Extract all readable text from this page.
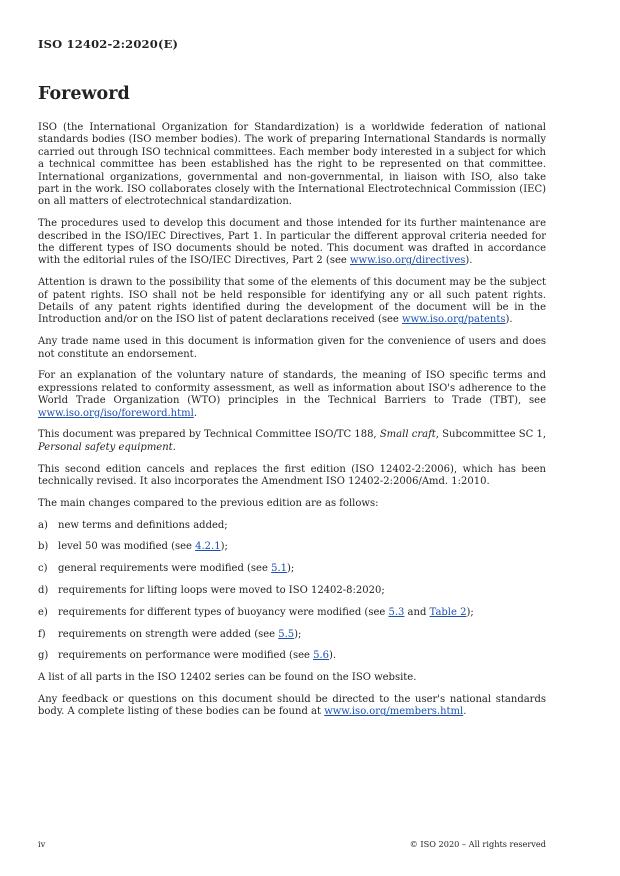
ISO 12402-2:2020(E)
Foreword

ISO (the International Organization for Standardization) is a worldwide federation of national standards bodies (ISO member bodies). The work of preparing International Standards is normally carried out through ISO technical committees. Each member body interested in a subject for which a technical committee has been established has the right to be represented on that committee. International organizations, governmental and non-governmental, in liaison with ISO, also take part in the work. ISO collaborates closely with the International Electrotechnical Commission (IEC) on all matters of electrotechnical standardization.

The procedures used to develop this document and those intended for its further maintenance are described in the ISO/IEC Directives, Part 1. In particular the different approval criteria needed for the different types of ISO documents should be noted. This document was drafted in accordance with the editorial rules of the ISO/IEC Directives, Part 2 (see www.iso.org/directives).

Attention is drawn to the possibility that some of the elements of this document may be the subject of patent rights. ISO shall not be held responsible for identifying any or all such patent rights. Details of any patent rights identified during the development of the document will be in the Introduction and/or on the ISO list of patent declarations received (see www.iso.org/patents).

Any trade name used in this document is information given for the convenience of users and does not constitute an endorsement.

For an explanation of the voluntary nature of standards, the meaning of ISO specific terms and expressions related to conformity assessment, as well as information about ISO's adherence to the World Trade Organization (WTO) principles in the Technical Barriers to Trade (TBT), see www.iso.org/iso/foreword.html.

This document was prepared by Technical Committee ISO/TC 188, Small craft, Subcommittee SC 1, Personal safety equipment.

This second edition cancels and replaces the first edition (ISO 12402-2:2006), which has been technically revised. It also incorporates the Amendment ISO 12402-2:2006/Amd. 1:2010.

The main changes compared to the previous edition are as follows:

a)	new terms and definitions added;
b) level 50 was modified (see 4.2.1);
c)	general requirements were modified (see 5.1);
d) requirements for lifting loops were moved to ISO 12402-8:2020;
e)	requirements for different types of buoyancy were modified (see 5.3 and Table 2);
f)	requirements on strength were added (see 5.5);
g) requirements on performance were modified (see 5.6).

A list of all parts in the ISO 12402 series can be found on the ISO website.

Any feedback or questions on this document should be directed to the user's national standards body. A complete listing of these bodies can be found at www.iso.org/members.html.

iv	© ISO 2020 – All rights reserved
